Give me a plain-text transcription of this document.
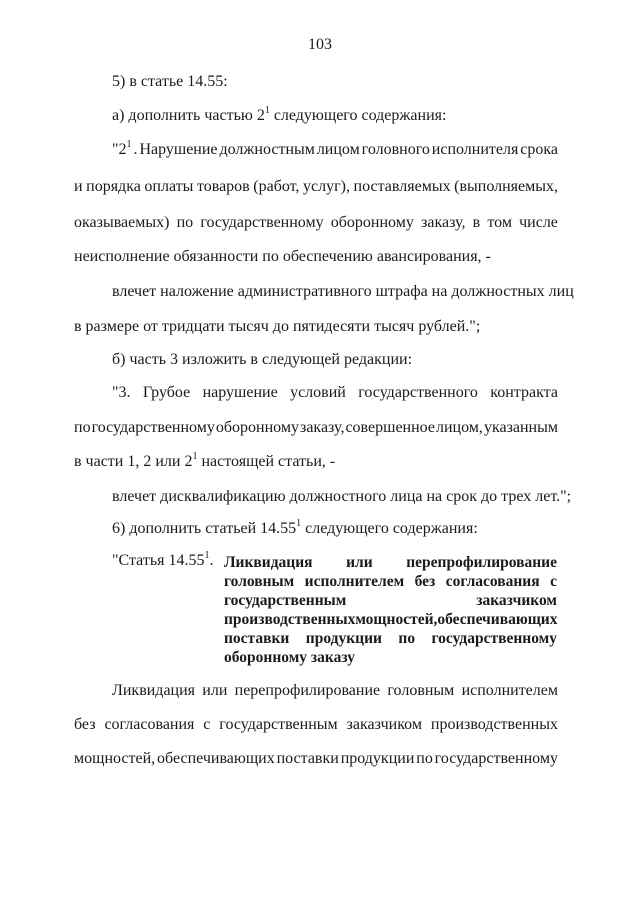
103
5) в статье 14.55:
а) дополнить частью $2^1$ следующего содержания:
"$2^1$ . Нарушение должностным лицом головного исполнителя срока
и порядка оплаты товаров (работ, услуг), поставляемых (выполняемых,
оказываемых) по государственному оборонному заказу, в том числе
неисполнение обязанности по обеспечению авансирования, -
влечет наложение административного штрафа на должностных лиц
в размере от тридцати тысяч до пятидесяти тысяч рублей.";
б) часть 3 изложить в следующей редакции:
"3. Грубое нарушение условий государственного контракта
по государственному оборонному заказу, совершенное лицом, указанным
в части 1, 2 или $2^1$ настоящей статьи, -
влечет дисквалификацию должностного лица на срок до трех лет.";
6) дополнить статьей 14.55$^1$ следующего содержания:
"Статья 14.55$^1$. Ликвидация или перепрофилирование
головным исполнителем без согласования с
государственным	заказчиком
производственных мощностей, обеспечивающих
поставки продукции по государственному
оборонному заказу
Ликвидация или перепрофилирование головным исполнителем
без согласования с государственным заказчиком производственных
мощностей, обеспечивающих поставки продукции по государственному
